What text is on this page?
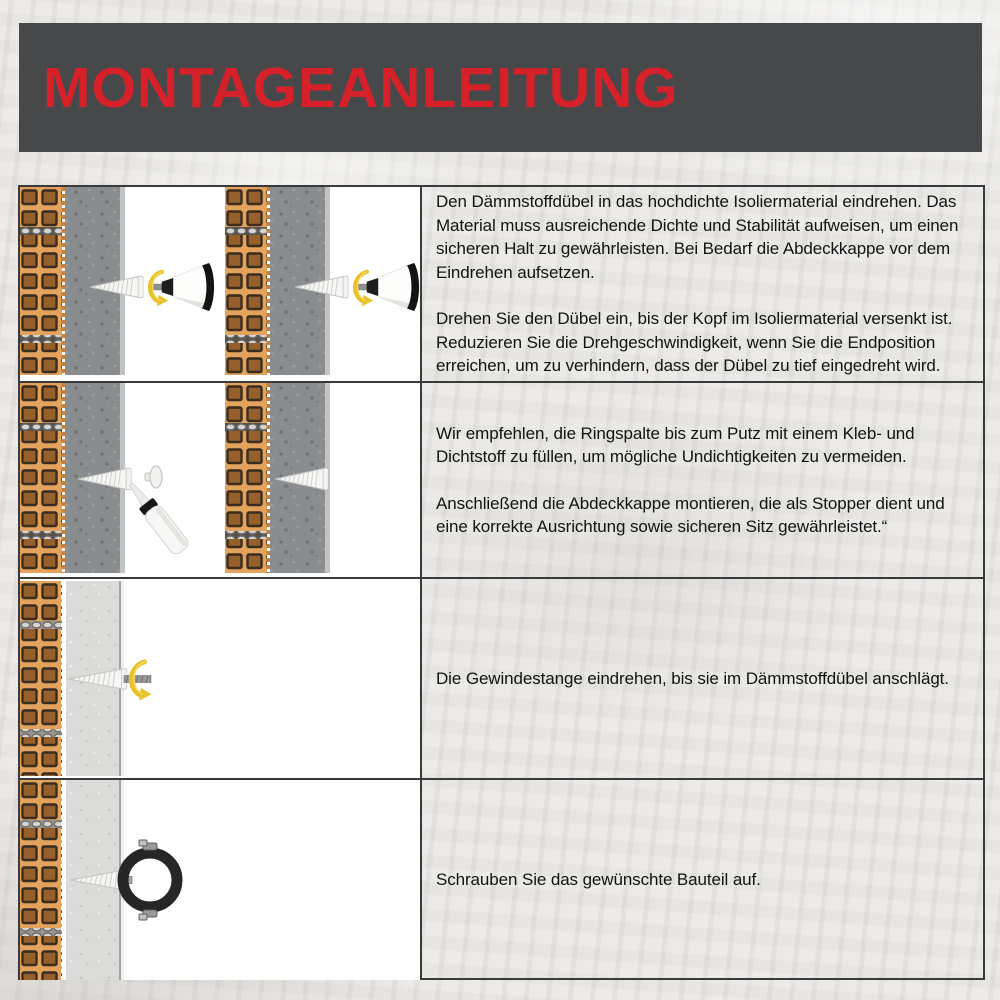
MONTAGEANLEITUNG

Den Dämmstoffdübel in das hochdichte Isoliermaterial eindrehen. Das Material muss ausreichende Dichte und Stabilität aufweisen, um einen sicheren Halt zu gewährleisten. Bei Bedarf die Abdeckkappe vor dem Eindrehen aufsetzen.

Drehen Sie den Dübel ein, bis der Kopf im Isoliermaterial versenkt ist. Reduzieren Sie die Drehgeschwindigkeit, wenn Sie die Endposition erreichen, um zu verhindern, dass der Dübel zu tief eingedreht wird.

Wir empfehlen, die Ringspalte bis zum Putz mit einem Kleb- und Dichtstoff zu füllen, um mögliche Undichtigkeiten zu vermeiden.

Anschließend die Abdeckkappe montieren, die als Stopper dient und eine korrekte Ausrichtung sowie sicheren Sitz gewährleistet.“

Die Gewindestange eindrehen, bis sie im Dämmstoffdübel anschlägt.

Schrauben Sie das gewünschte Bauteil auf.
